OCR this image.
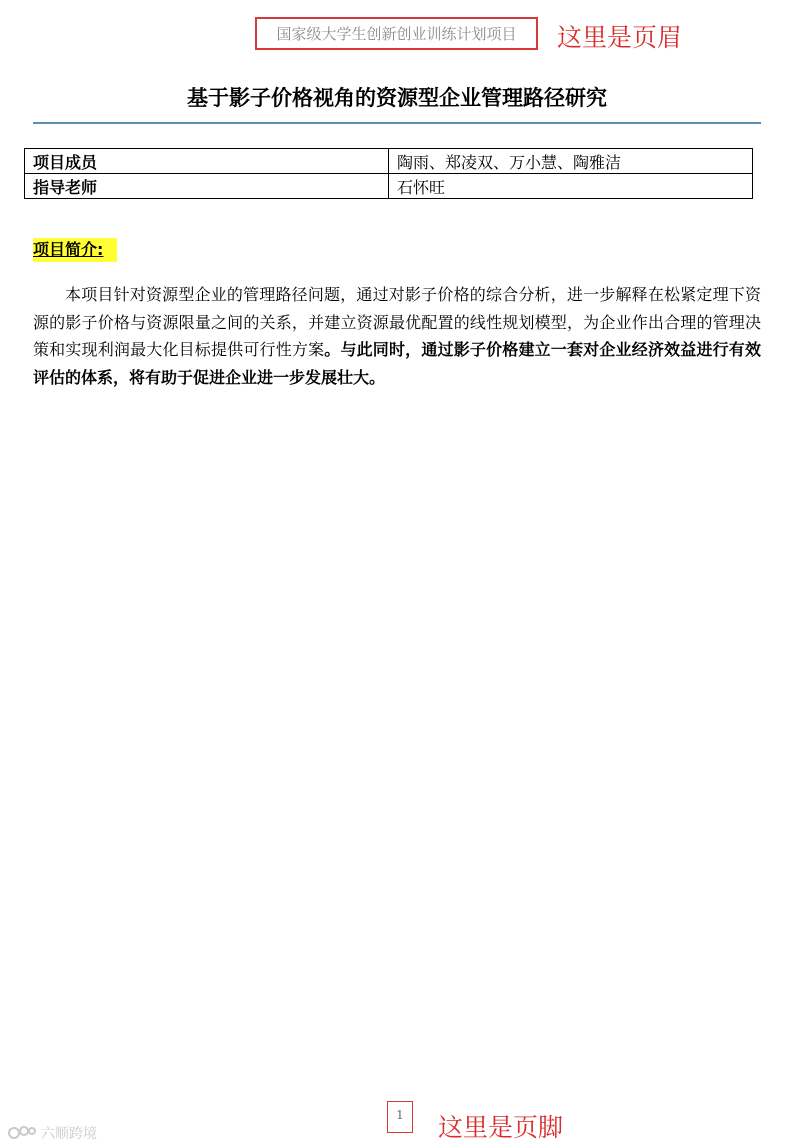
国家级大学生创新创业训练计划项目 这里是页眉
基于影子价格视角的资源型企业管理路径研究
项目成员	陶雨、郑凌双、万小慧、陶雅洁
指导老师	石怀旺
项目简介:

本项目针对资源型企业的管理路径问题，通过对影子价格的综合分析，进一步解释在松紧定理下资源的影子价格与资源限量之间的关系，并建立资源最优配置的线性规划模型，为企业作出合理的管理决策和实现利润最大化目标提供可行性方案。与此同时，通过影子价格建立一套对企业经济效益进行有效评估的体系，将有助于促进企业进一步发展壮大。

1	这里是页脚
六顺跨境
